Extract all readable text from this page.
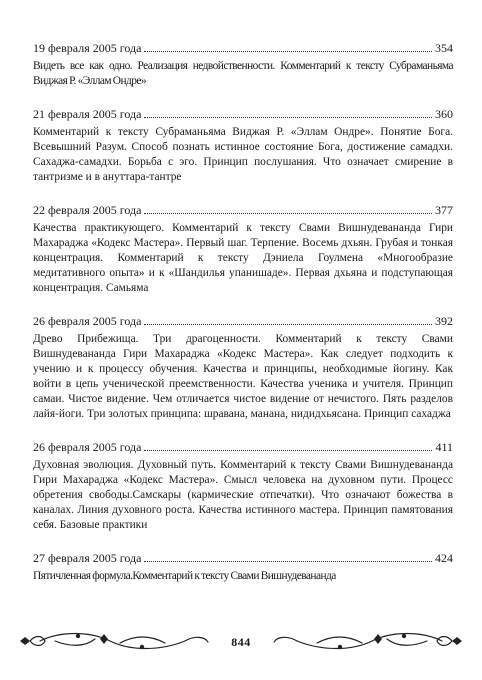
19 февраля 2005 года	354
Видеть все как одно. Реализация недвойственности. Комментарий к тексту Субраманьяма Виджая Р. «Эллам Ондре»
21 февраля 2005 года	360
Комментарий к тексту Субраманьяма Виджая Р. «Эллам Ондре». Понятие Бога. Всевышний Разум. Способ познать истинное состояние Бога, достижение самадхи. Сахаджа-самадхи. Борьба с эго. Принцип послушания. Что означает смирение в тантризме и в ануттара-тантре
22 февраля 2005 года	377
Качества практикующего. Комментарий к тексту Свами Вишнудевананда Гири Махараджа «Кодекс Мастера». Первый шаг. Терпение. Восемь дхьян. Грубая и тонкая концентрация. Комментарий к тексту Дэниела Гоулмена «Многообразие медитативного опыта» и к «Шандилья упанишаде». Первая дхьяна и подступающая концентрация. Самьяма
26 февраля 2005 года	392
Древо Прибежища. Три драгоценности. Комментарий к тексту Свами Вишнудевананда Гири Махараджа «Кодекс Мастера». Как следует подходить к учению и к процессу обучения. Качества и принципы, необходимые йогину. Как войти в цепь ученической преемственности. Качества ученика и учителя. Принцип самаи. Чистое видение. Чем отличается чистое видение от нечистого. Пять разделов лайя-йоги. Три золотых принципа: шравана, манана, нидидхьясана. Принцип сахаджа
26 февраля 2005 года	411
Духовная эволюция. Духовный путь. Комментарий к тексту Свами Вишнудевананда Гири Махараджа «Кодекс Мастера». Смысл человека на духовном пути. Процесс обретения свободы.Самскары (кармические отпечатки). Что означают божества в каналах. Линия духовного роста. Качества истинного мастера. Принцип памятования себя. Базовые практики
27 февраля 2005 года	424
Пятичленная формула.Комментарий к тексту Свами Вишнудевананда
844
